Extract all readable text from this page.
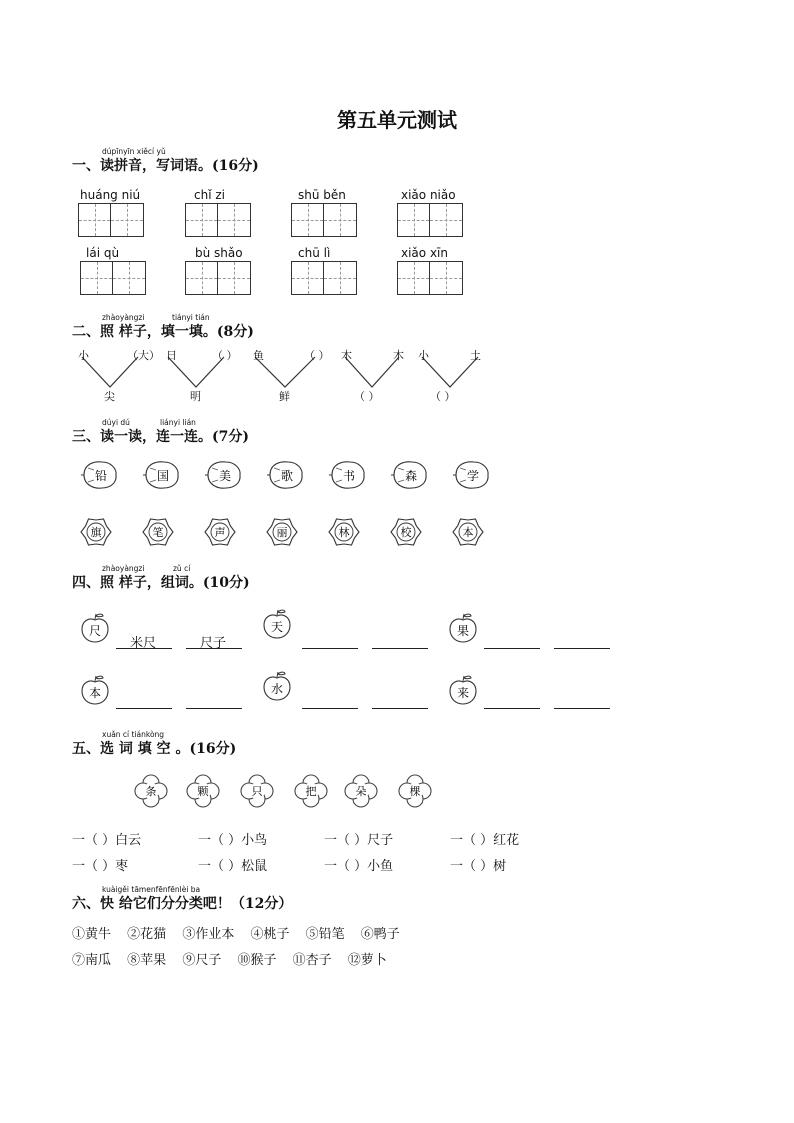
第五单元测试
dúpīnyīn xiěcí yǔ
一、读拼音，写词语。(16分)
huáng niú	chǐ zi	shū běn	xiǎo niǎo
lái qù	bù shǎo	chū lì	xiǎo xīn
zhàoyàngzi	tiányi tián
二、照 样子，填一填。(8分)
小	（大）
尖
日	（ ）
明
鱼	（ ）
鲜
木	木
（ ）
小	土
（ ）
dúyi dú	liányi lián
三、读一读，连一连。(7分)
铅	国	美	歌	书	森	学
旗	笔	声	丽	林	校	本
zhàoyàngzi	zǔ cí
四、照 样子，组词。(10分)
尺	天	果
本	水	来
米尺	尺子
xuǎn cí tiánkòng
五、选 词 填 空 。(16分)
条	颗	只	把	朵	棵
一（ ）白云	一（ ）小鸟	一（ ）尺子	一（ ）红花
一（ ）枣	一（ ）松鼠	一（ ）小鱼	一（ ）树
kuàigěi tāmenfēnfēnlèi ba
六、快 给它们分分类吧！（12分）
①黄牛 ②花猫 ③作业本 ④桃子 ⑤铅笔 ⑥鸭子
⑦南瓜 ⑧苹果 ⑨尺子 ⑩猴子 ⑪杏子 ⑫萝卜
